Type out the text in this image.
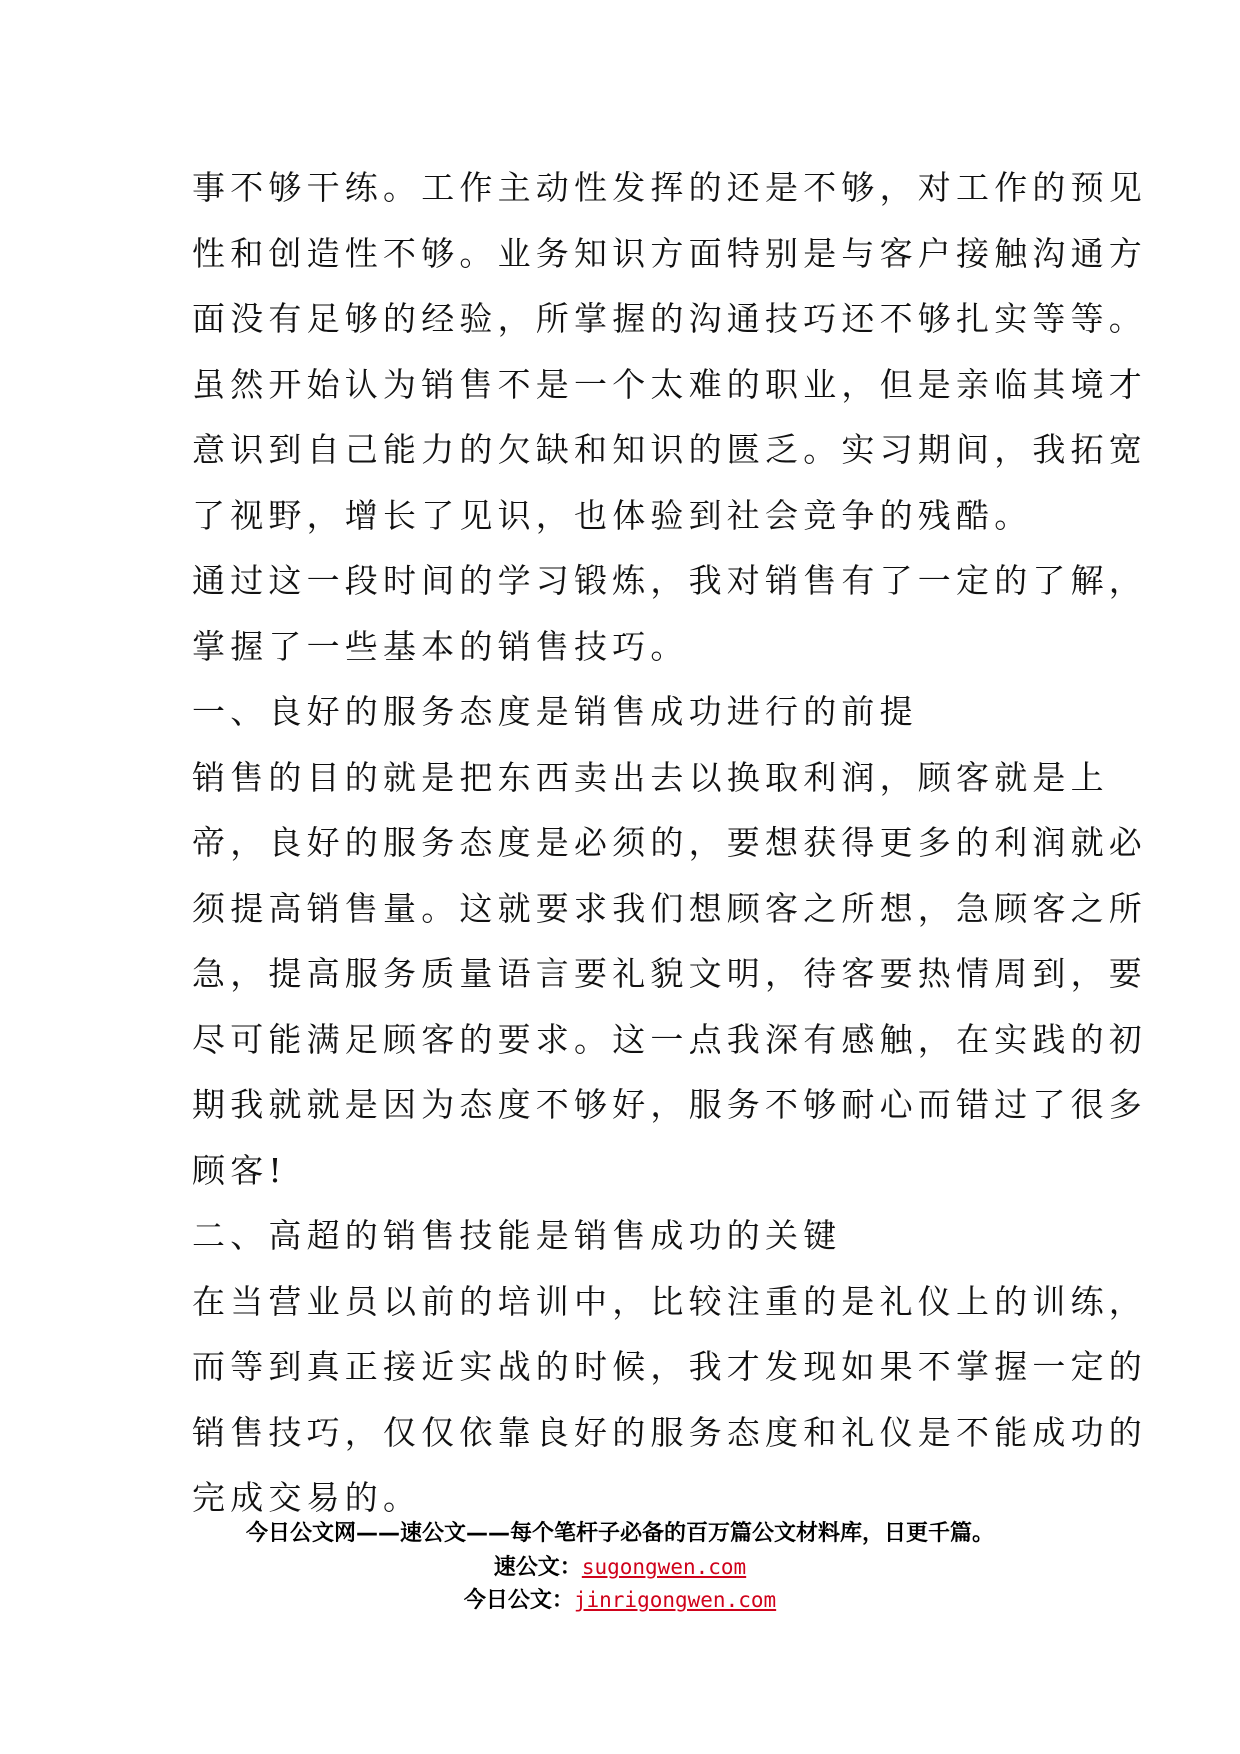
事不够干练。工作主动性发挥的还是不够，对工作的预见
性和创造性不够。业务知识方面特别是与客户接触沟通方
面没有足够的经验，所掌握的沟通技巧还不够扎实等等。
虽然开始认为销售不是一个太难的职业，但是亲临其境才
意识到自己能力的欠缺和知识的匮乏。实习期间，我拓宽
了视野，增长了见识，也体验到社会竞争的残酷。
通过这一段时间的学习锻炼，我对销售有了一定的了解，
掌握了一些基本的销售技巧。
一、良好的服务态度是销售成功进行的前提
销售的目的就是把东西卖出去以换取利润，顾客就是上
帝，良好的服务态度是必须的，要想获得更多的利润就必
须提高销售量。这就要求我们想顾客之所想，急顾客之所
急，提高服务质量语言要礼貌文明，待客要热情周到，要
尽可能满足顾客的要求。这一点我深有感触，在实践的初
期我就就是因为态度不够好，服务不够耐心而错过了很多
顾客!
二、高超的销售技能是销售成功的关键
在当营业员以前的培训中，比较注重的是礼仪上的训练，
而等到真正接近实战的时候，我才发现如果不掌握一定的
销售技巧，仅仅依靠良好的服务态度和礼仪是不能成功的
完成交易的。
今日公文网——速公文——每个笔杆子必备的百万篇公文材料库，日更千篇。
速公文：sugongwen.com
今日公文：jinrigongwen.com
